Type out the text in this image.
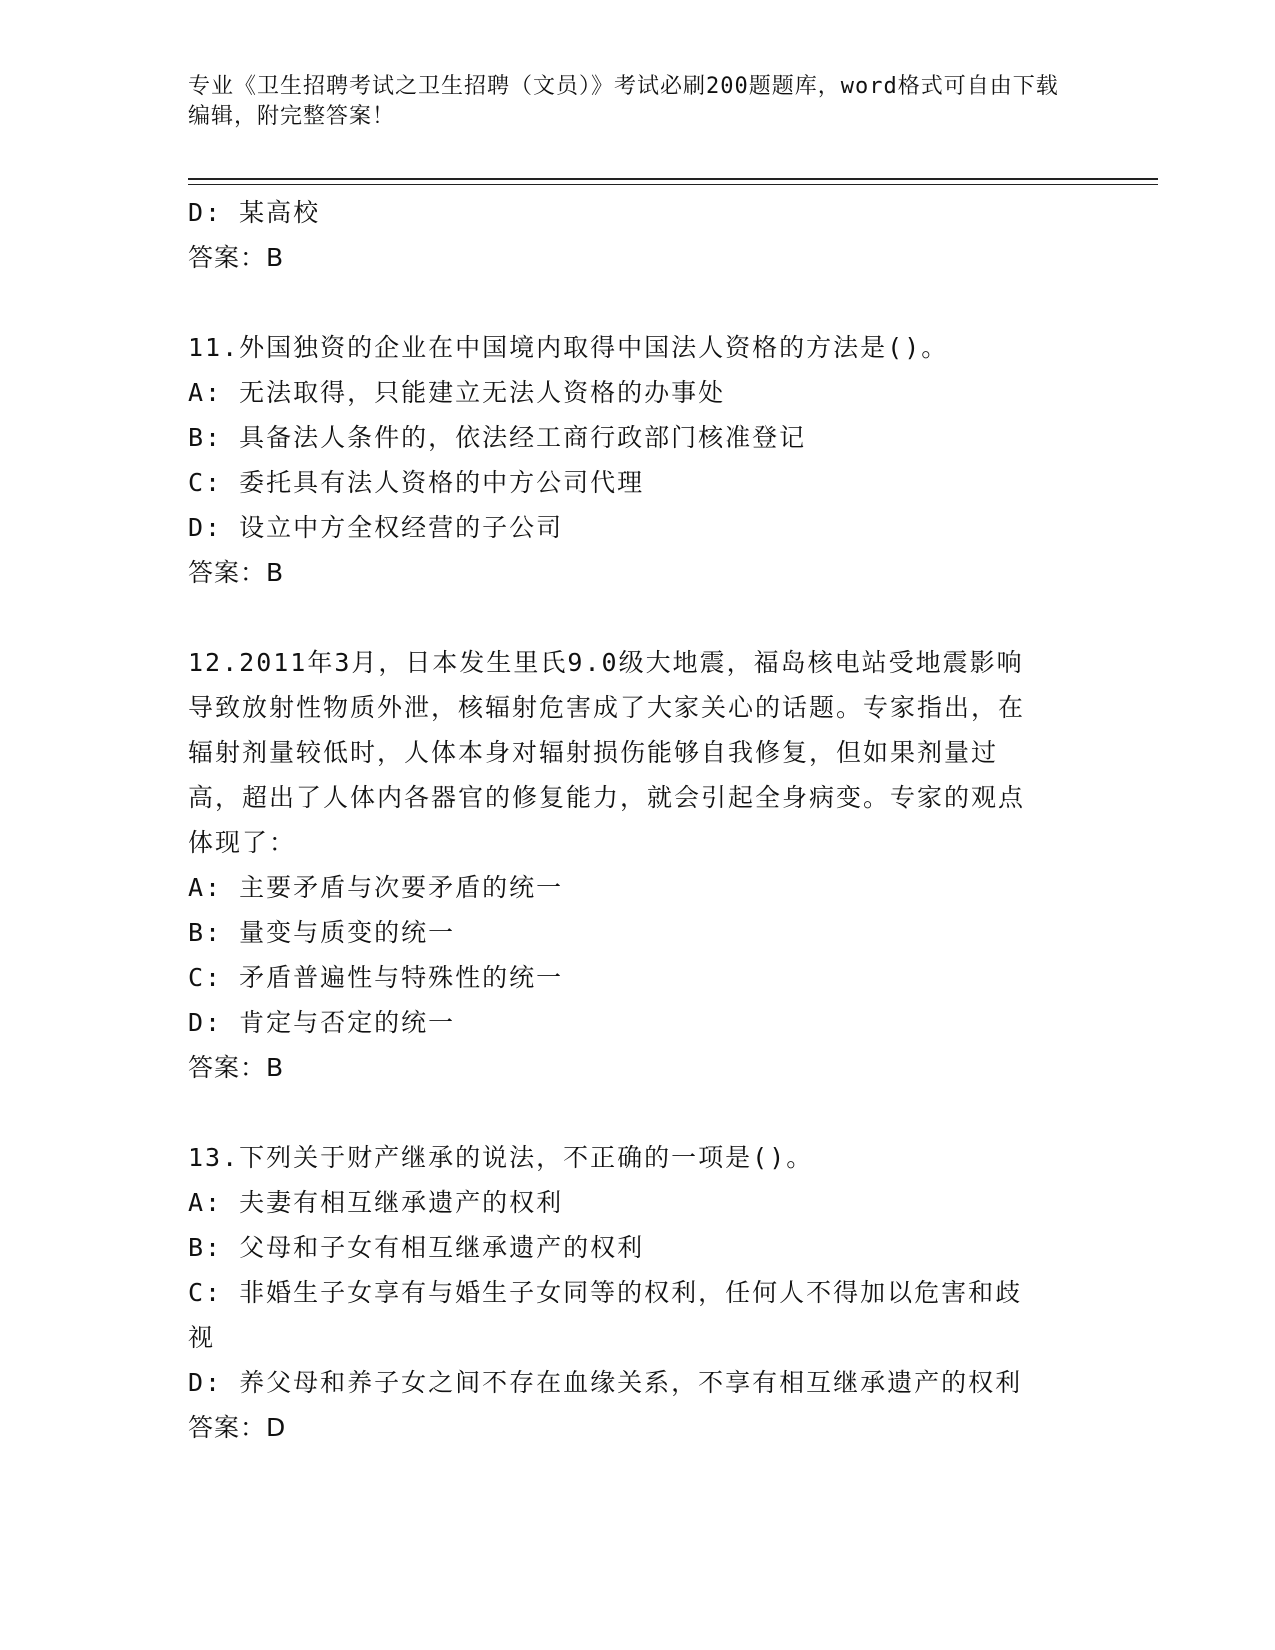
专业《卫生招聘考试之卫生招聘（文员）》考试必刷200题题库，word格式可自由下载编辑，附完整答案！
D: 某高校
答案：B
11.外国独资的企业在中国境内取得中国法人资格的方法是()。
A: 无法取得，只能建立无法人资格的办事处
B: 具备法人条件的，依法经工商行政部门核准登记
C: 委托具有法人资格的中方公司代理
D: 设立中方全权经营的子公司
答案：B
12.2011年3月，日本发生里氏9.0级大地震，福岛核电站受地震影响导致放射性物质外泄，核辐射危害成了大家关心的话题。专家指出，在辐射剂量较低时，人体本身对辐射损伤能够自我修复，但如果剂量过高，超出了人体内各器官的修复能力，就会引起全身病变。专家的观点体现了：
A: 主要矛盾与次要矛盾的统一
B: 量变与质变的统一
C: 矛盾普遍性与特殊性的统一
D: 肯定与否定的统一
答案：B
13.下列关于财产继承的说法，不正确的一项是()。
A: 夫妻有相互继承遗产的权利
B: 父母和子女有相互继承遗产的权利
C: 非婚生子女享有与婚生子女同等的权利，任何人不得加以危害和歧视
D: 养父母和养子女之间不存在血缘关系，不享有相互继承遗产的权利
答案：D
